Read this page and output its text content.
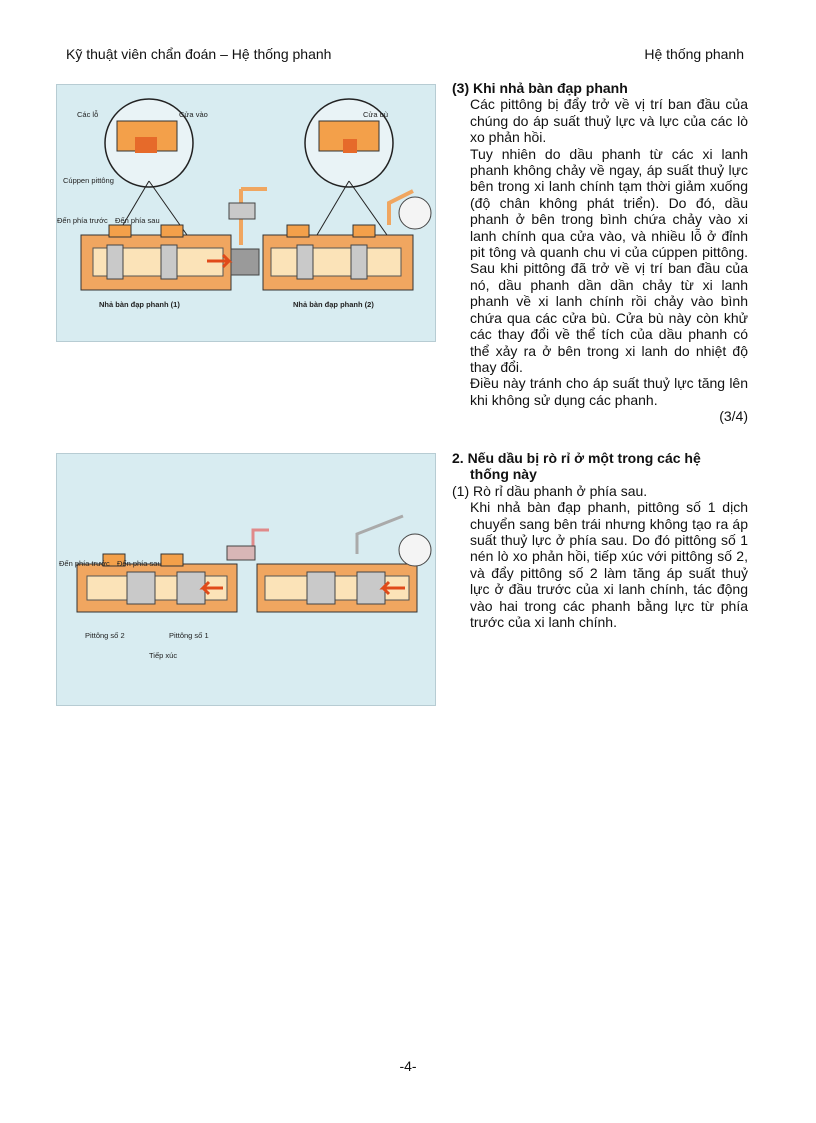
Kỹ thuật viên chẩn đoán – Hệ thống phanh	Hệ thống phanh
Các lỗ	Cửa vào
Cúppen pittông
Đến phía trước Đến phía sau
Cửa bù
Nhả bàn đạp phanh (1)	Nhả bàn đạp phanh (2)
Đến phía trước Đến phía sau
Pittông số 2	Pittông số 1
Tiếp xúc

(3) Khi nhả bàn đạp phanh

Các pittông bị đẩy trở về vị trí ban đầu của chúng do áp suất thuỷ lực và lực của các lò xo phản hồi.

Tuy nhiên do dầu phanh từ các xi lanh phanh không chảy về ngay, áp suất thuỷ lực bên trong xi lanh chính tạm thời giảm xuống (độ chân không phát triển). Do đó, dầu phanh ở bên trong bình chứa chảy vào xi lanh chính qua cửa vào, và nhiều lỗ ở đỉnh pit tông và quanh chu vi của cúppen pittông. Sau khi pittông đã trở về vị trí ban đầu của nó, dầu phanh dần dần chảy từ xi lanh phanh về xi lanh chính rồi chảy vào bình chứa qua các cửa bù. Cửa bù này còn khử các thay đổi về thể tích của dầu phanh có thể xảy ra ở bên trong xi lanh do nhiệt độ thay đổi.

Điều này tránh cho áp suất thuỷ lực tăng lên khi không sử dụng các phanh.

(3/4)

2. Nếu dầu bị rò rỉ ở một trong các hệ
thống này

(1) Rò rỉ dầu phanh ở phía sau.

Khi nhả bàn đạp phanh, pittông số 1 dịch chuyển sang bên trái nhưng không tạo ra áp suất thuỷ lực ở phía sau. Do đó pittông số 1 nén lò xo phản hồi, tiếp xúc với pittông số 2, và đẩy pittông số 2 làm tăng áp suất thuỷ lực ở đầu trước của xi lanh chính, tác động vào hai trong các phanh bằng lực từ phía trước của xi lanh chính.

-4-
